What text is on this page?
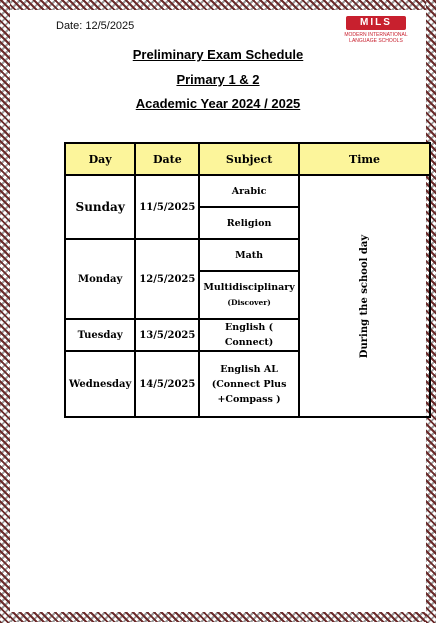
Date: 12/5/2025	MILS
MODERN INTERNATIONAL LANGUAGE SCHOOLS
Preliminary Exam Schedule
Primary 1 & 2
Academic Year 2024 / 2025
Day	Date	Subject	Time
Sunday	11/5/2025	Arabic	During the school day
		Religion	
Monday	12/5/2025	Math	

		Multidisciplinary
(Discover)	

Tuesday	13/5/2025	English ( Connect)	
Wednesday	14/5/2025	English AL
(Connect Plus
+Compass )	
